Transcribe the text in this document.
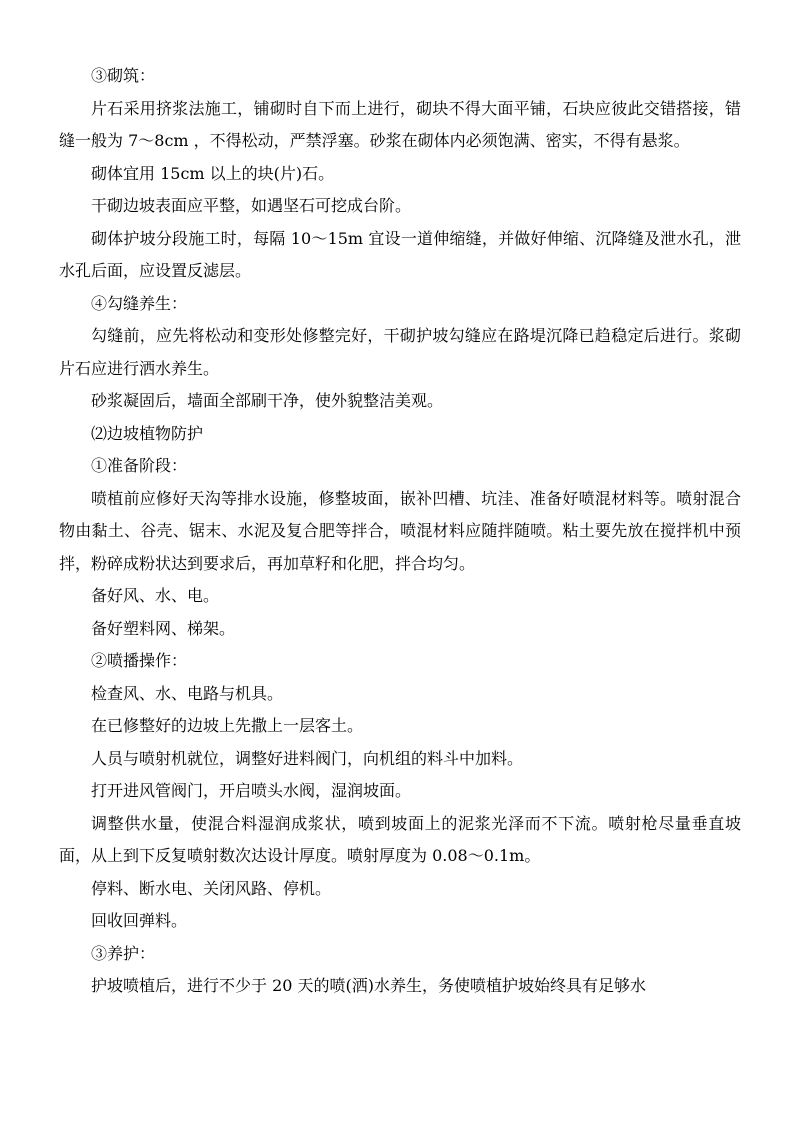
③砌筑：

片石采用挤浆法施工，铺砌时自下而上进行，砌块不得大面平铺，石块应彼此交错搭接，错缝一般为 7～8cm ，不得松动，严禁浮塞。砂浆在砌体内必须饱满、密实，不得有悬浆。

砌体宜用 15cm 以上的块(片)石。

干砌边坡表面应平整，如遇坚石可挖成台阶。

砌体护坡分段施工时，每隔 10～15m 宜设一道伸缩缝，并做好伸缩、沉降缝及泄水孔，泄水孔后面，应设置反滤层。

④勾缝养生：

勾缝前，应先将松动和变形处修整完好，干砌护坡勾缝应在路堤沉降已趋稳定后进行。浆砌片石应进行洒水养生。

砂浆凝固后，墙面全部刷干净，使外貌整洁美观。

⑵边坡植物防护

①准备阶段：

喷植前应修好天沟等排水设施，修整坡面，嵌补凹槽、坑洼、准备好喷混材料等。喷射混合物由黏土、谷壳、锯末、水泥及复合肥等拌合，喷混材料应随拌随喷。粘土要先放在搅拌机中预拌，粉碎成粉状达到要求后，再加草籽和化肥，拌合均匀。

备好风、水、电。

备好塑料网、梯架。

②喷播操作：

检查风、水、电路与机具。

在已修整好的边坡上先撒上一层客土。

人员与喷射机就位，调整好进料阀门，向机组的料斗中加料。

打开进风管阀门，开启喷头水阀，湿润坡面。

调整供水量，使混合料湿润成浆状，喷到坡面上的泥浆光泽而不下流。喷射枪尽量垂直坡面，从上到下反复喷射数次达设计厚度。喷射厚度为 0.08～0.1m。

停料、断水电、关闭风路、停机。

回收回弹料。

③养护：

护坡喷植后，进行不少于 20 天的喷(洒)水养生，务使喷植护坡始终具有足够水
